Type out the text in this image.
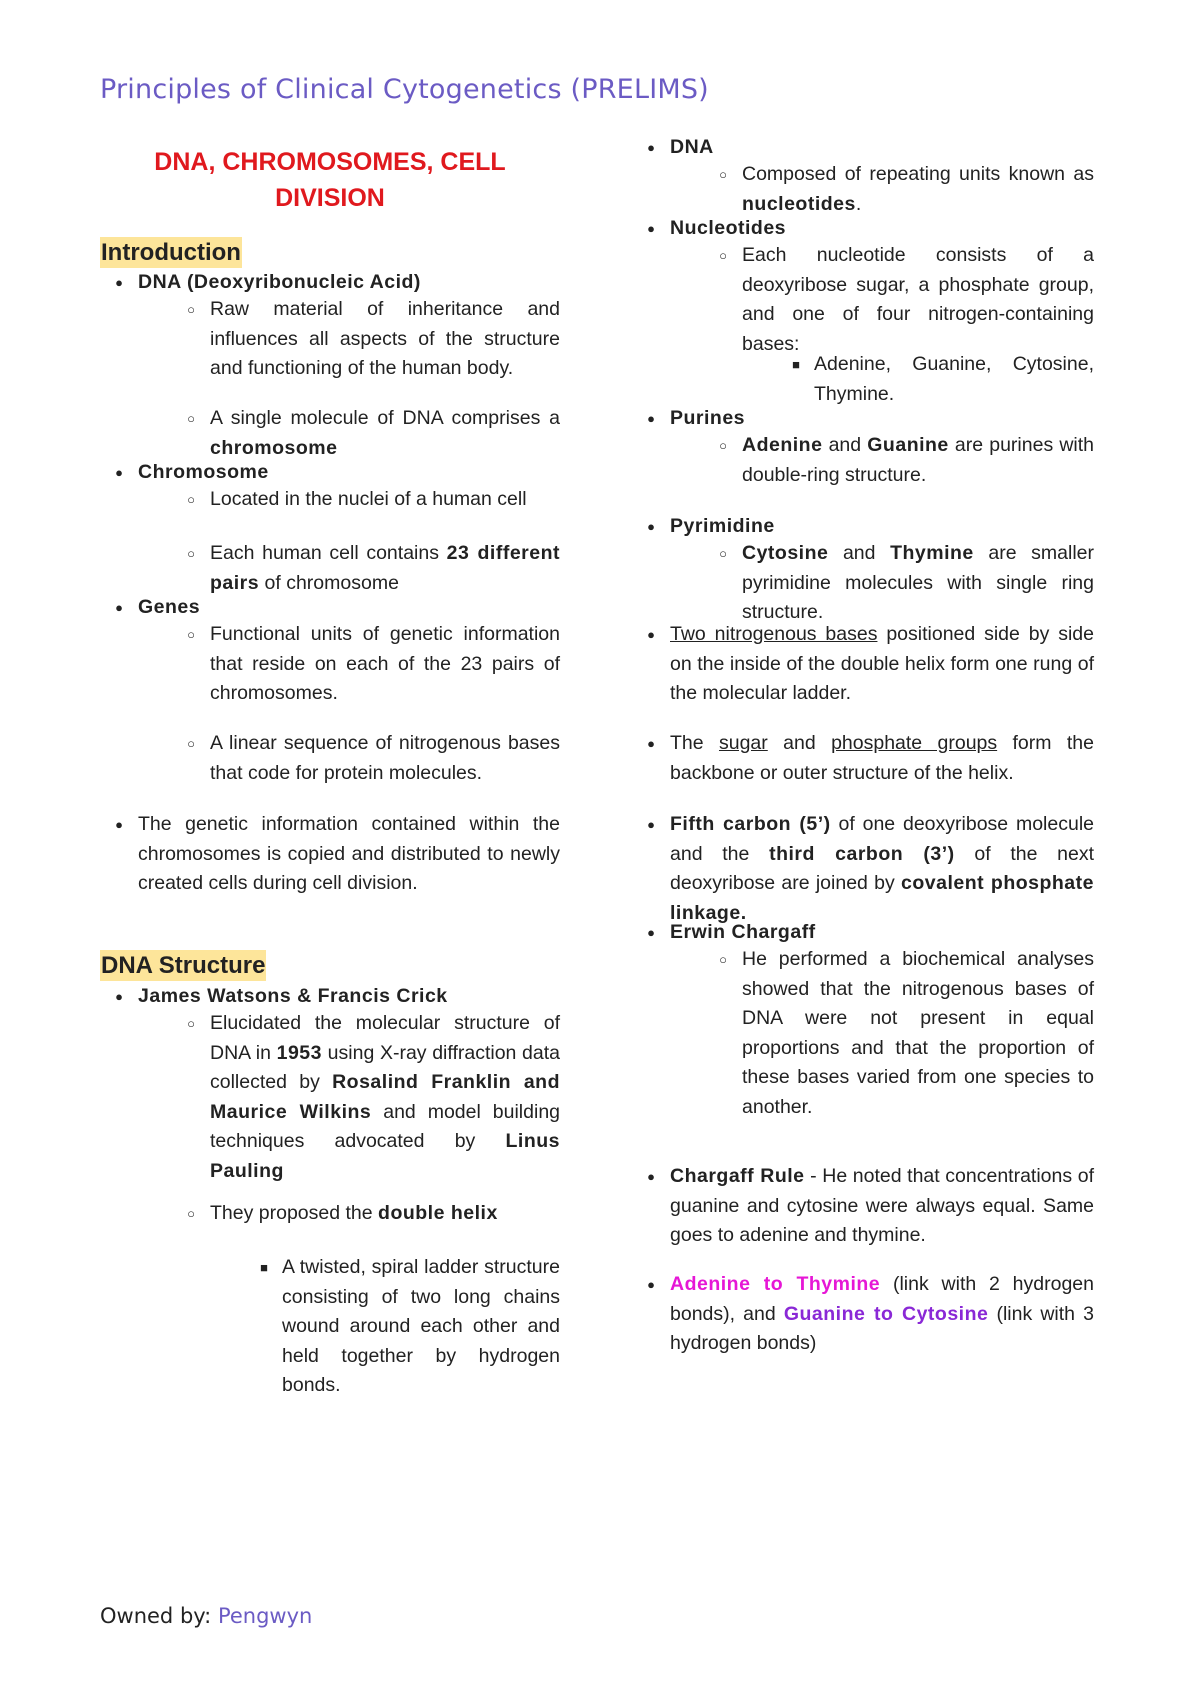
Principles of Clinical Cytogenetics (PRELIMS)
DNA, CHROMOSOMES, CELL
DIVISION
Introduction
● DNA (Deoxyribonucleic Acid)
○ Raw material of inheritance and influences all aspects of the structure and functioning of the human body.
○ A single molecule of DNA comprises a chromosome
● Chromosome
○ Located in the nuclei of a human cell
○ Each human cell contains 23 different pairs of chromosome
● Genes
○ Functional units of genetic information that reside on each of the 23 pairs of chromosomes.
○ A linear sequence of nitrogenous bases that code for protein molecules.
● The genetic information contained within the chromosomes is copied and distributed to newly created cells during cell division.
DNA Structure
● James Watsons & Francis Crick
○ Elucidated the molecular structure of DNA in 1953 using X-ray diffraction data collected by Rosalind Franklin and Maurice Wilkins and model building techniques advocated by Linus Pauling
○ They proposed the double helix
■ A twisted, spiral ladder structure consisting of two long chains wound around each other and held together by hydrogen bonds.
● DNA
○ Composed of repeating units known as nucleotides.
● Nucleotides
○ Each nucleotide consists of a deoxyribose sugar, a phosphate group, and one of four nitrogen-containing bases:
■ Adenine, Guanine, Cytosine, Thymine.
● Purines
○ Adenine and Guanine are purines with double-ring structure.
● Pyrimidine
○ Cytosine and Thymine are smaller pyrimidine molecules with single ring structure.
● Two nitrogenous bases positioned side by side on the inside of the double helix form one rung of the molecular ladder.
● The sugar and phosphate groups form the backbone or outer structure of the helix.
● Fifth carbon (5’) of one deoxyribose molecule and the third carbon (3’) of the next deoxyribose are joined by covalent phosphate linkage.
● Erwin Chargaff
○ He performed a biochemical analyses showed that the nitrogenous bases of DNA were not present in equal proportions and that the proportion of these bases varied from one species to another.
● Chargaff Rule - He noted that concentrations of guanine and cytosine were always equal. Same goes to adenine and thymine.
● Adenine to Thymine (link with 2 hydrogen bonds), and Guanine to Cytosine (link with 3 hydrogen bonds)
Owned by: Pengwyn
